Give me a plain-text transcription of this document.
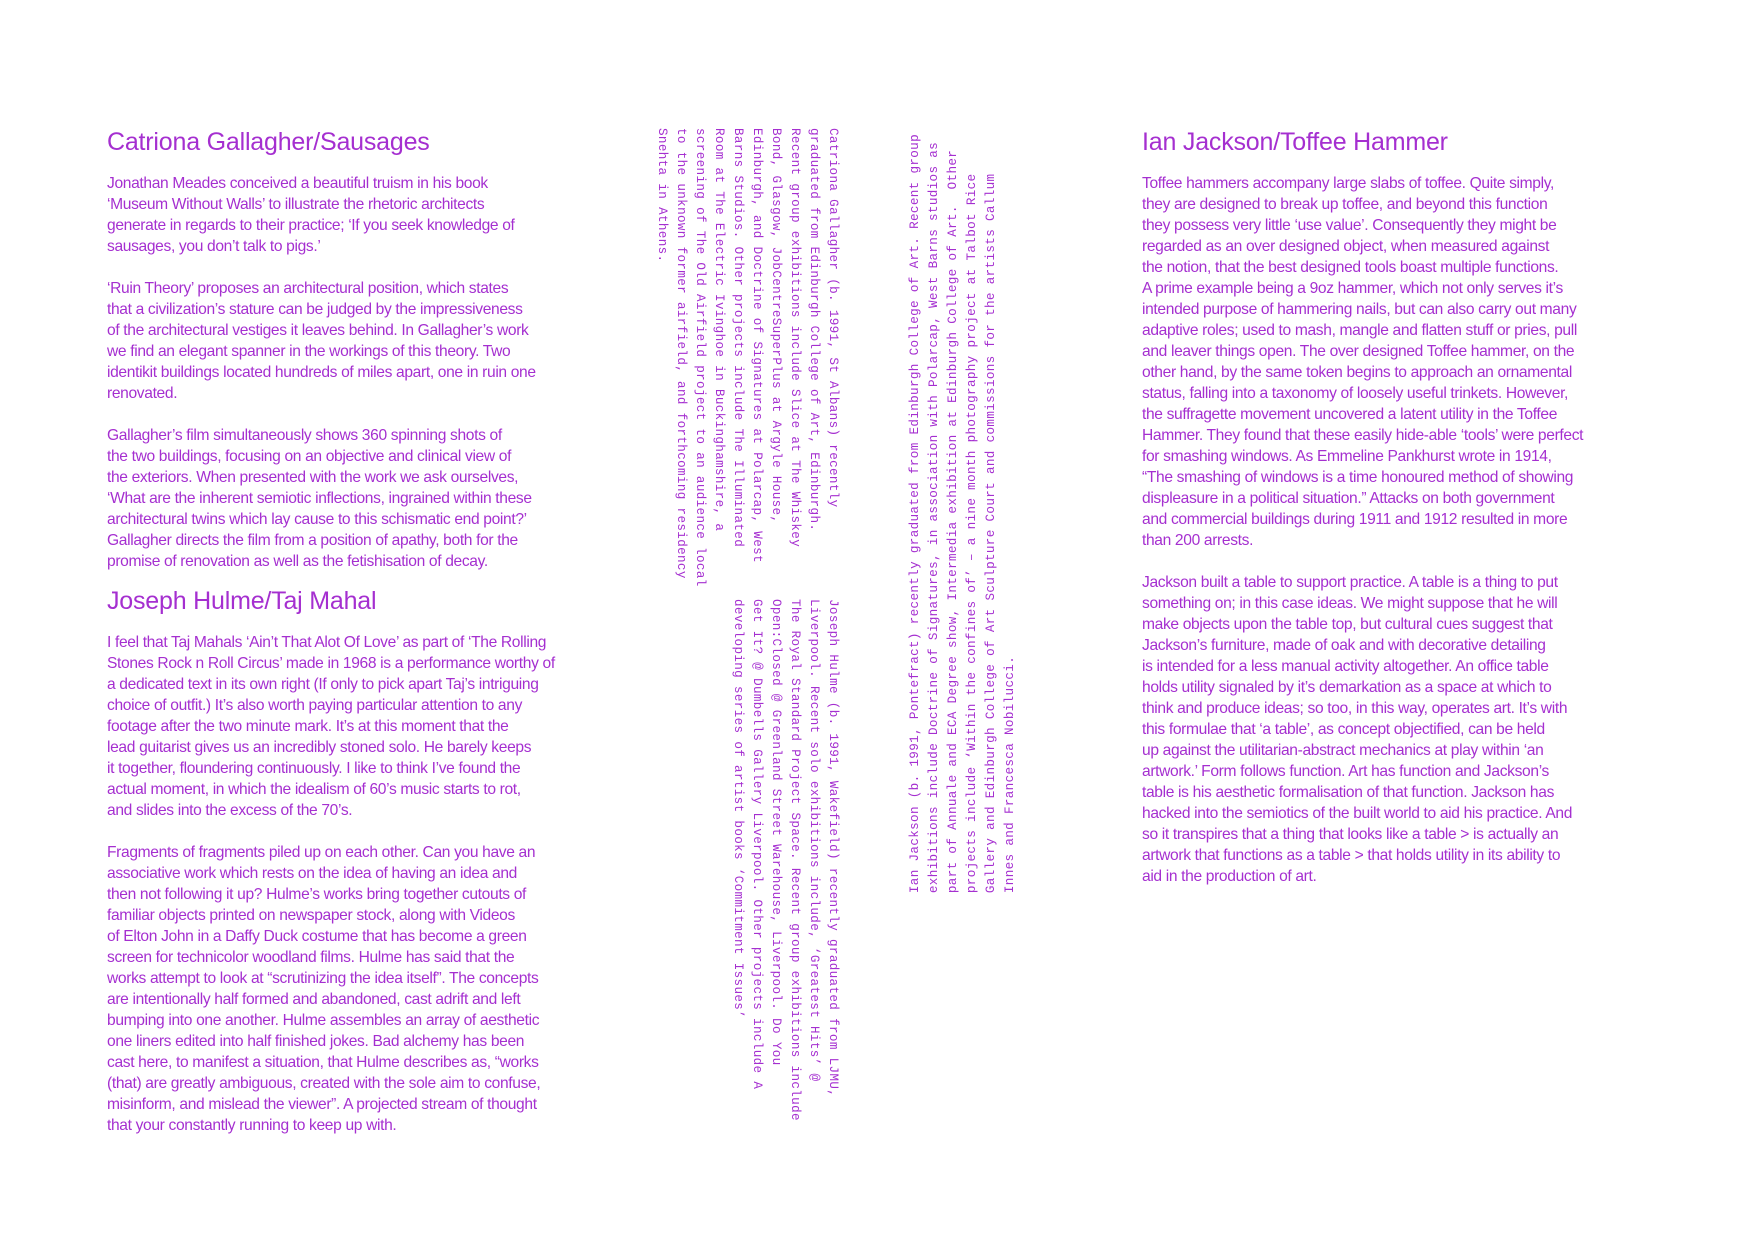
Catriona Gallagher/Sausages

Jonathan Meades conceived a beautiful truism in his book
‘Museum Without Walls’ to illustrate the rhetoric architects
generate in regards to their practice; ‘If you seek knowledge of
sausages, you don’t talk to pigs.’

‘Ruin Theory’ proposes an architectural position, which states
that a civilization’s stature can be judged by the impressiveness
of the architectural vestiges it leaves behind. In Gallagher’s work
we find an elegant spanner in the workings of this theory. Two
identikit buildings located hundreds of miles apart, one in ruin one
renovated.

Gallagher’s film simultaneously shows 360 spinning shots of
the two buildings, focusing on an objective and clinical view of
the exteriors. When presented with the work we ask ourselves,
‘What are the inherent semiotic inflections, ingrained within these
architectural twins which lay cause to this schismatic end point?’
Gallagher directs the film from a position of apathy, both for the
promise of renovation as well as the fetishisation of decay.

Joseph Hulme/Taj Mahal

I feel that Taj Mahals ‘Ain’t That Alot Of Love’ as part of ‘The Rolling
Stones Rock n Roll Circus’ made in 1968 is a performance worthy of
a dedicated text in its own right (If only to pick apart Taj’s intriguing
choice of outfit.) It’s also worth paying particular attention to any
footage after the two minute mark. It’s at this moment that the
lead guitarist gives us an incredibly stoned solo. He barely keeps
it together, floundering continuously. I like to think I’ve found the
actual moment, in which the idealism of 60’s music starts to rot,
and slides into the excess of the 70’s.

Fragments of fragments piled up on each other. Can you have an
associative work which rests on the idea of having an idea and
then not following it up? Hulme’s works bring together cutouts of
familiar objects printed on newspaper stock, along with Videos
of Elton John in a Daffy Duck costume that has become a green
screen for technicolor woodland films. Hulme has said that the
works attempt to look at “scrutinizing the idea itself”. The concepts
are intentionally half formed and abandoned, cast adrift and left
bumping into one another. Hulme assembles an array of aesthetic
one liners edited into half finished jokes. Bad alchemy has been
cast here, to manifest a situation, that Hulme describes as, “works
(that) are greatly ambiguous, created with the sole aim to confuse,
misinform, and mislead the viewer”. A projected stream of thought
that your constantly running to keep up with.

Catriona Gallagher (b. 1991, St Albans) recently
graduated from Edinburgh College of Art, Edinburgh.
Recent group exhibitions include Slice at The Whiskey
Bond, Glasgow, JobCentreSuperPlus at Argyle House,
Edinburgh, and Doctrine of Signatures at Polarcap, West
Barns Studios. Other projects include The Illuminated
Room at The Electric Ivinghoe in Buckinghamshire, a
screening of The Old Airfield project to an audience local
to the unknown former airfield, and forthcoming residency
Snehta in Athens.
Joseph Hulme (b. 1991, Wakefield) recently graduated from LJMU,
Liverpool. Recent solo exhibitions include, ‘Greatest Hits’ @
The Royal Standard Project Space. Recent group exhibitions include
Open:Closed @ Greenland Street Warehouse, Liverpool. Do You
Get It? @ Dumbells Gallery Liverpool. Other projects include A
developing series of artist books ‘Commitment Issues’
Ian Jackson (b. 1991, Pontefract) recently graduated from Edinburgh College of Art. Recent group
exhibitions include Doctrine of Signatures, in association with Polarcap, West Barns studios as
part of Annuale and ECA Degree show, Intermedia exhibition at Edinburgh College of Art.  Other
projects include ‘Within the confines of’ – a nine month photography project at Talbot Rice
Gallery and Edinburgh College of Art Sculpture Court and commissions for the artists Callum
Innes and Francesca Nobilucci.
Ian Jackson/Toffee Hammer

Toffee hammers accompany large slabs of toffee. Quite simply,
they are designed to break up toffee, and beyond this function
they possess very little ‘use value’. Consequently they might be
regarded as an over designed object, when measured against
the notion, that the best designed tools boast multiple functions.
A prime example being a 9oz hammer, which not only serves it’s
intended purpose of hammering nails, but can also carry out many
adaptive roles; used to mash, mangle and flatten stuff or pries, pull
and leaver things open. The over designed Toffee hammer, on the
other hand, by the same token begins to approach an ornamental
status, falling into a taxonomy of loosely useful trinkets. However,
the suffragette movement uncovered a latent utility in the Toffee
Hammer. They found that these easily hide-able ‘tools’ were perfect
for smashing windows. As Emmeline Pankhurst wrote in 1914,
“The smashing of windows is a time honoured method of showing
displeasure in a political situation.” Attacks on both government
and commercial buildings during 1911 and 1912 resulted in more
than 200 arrests.

Jackson built a table to support practice. A table is a thing to put
something on; in this case ideas. We might suppose that he will
make objects upon the table top, but cultural cues suggest that
Jackson’s furniture, made of oak and with decorative detailing
is intended for a less manual activity altogether. An office table
holds utility signaled by it’s demarkation as a space at which to
think and produce ideas; so too, in this way, operates art. It’s with
this formulae that ‘a table’, as concept objectified, can be held
up against the utilitarian-abstract mechanics at play within ‘an
artwork.’ Form follows function. Art has function and Jackson’s
table is his aesthetic formalisation of that function. Jackson has
hacked into the semiotics of the built world to aid his practice. And
so it transpires that a thing that looks like a table > is actually an
artwork that functions as a table > that holds utility in its ability to
aid in the production of art.
